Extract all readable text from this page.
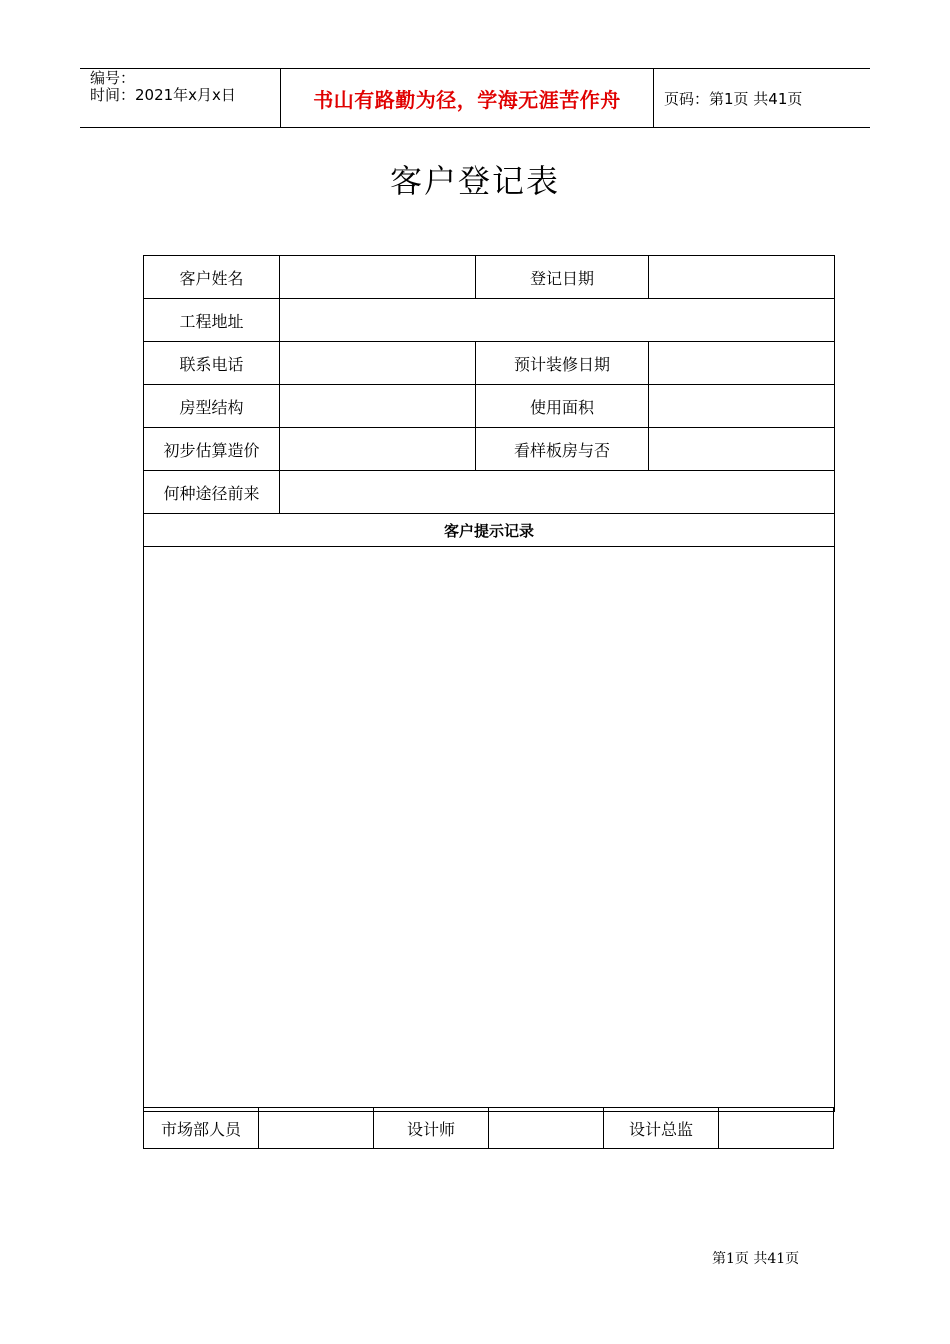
编号：
时间：2021年x月x日	书山有路勤为径，学海无涯苦作舟	页码：第1页 共41页
客户登记表
客户姓名		登记日期	
工程地址			
联系电话		预计装修日期	
房型结构		使用面积	
初步估算造价		看样板房与否	
何种途径前来			
客户提示记录			

市场部人员		设计师		设计总监	
第1页 共41页
